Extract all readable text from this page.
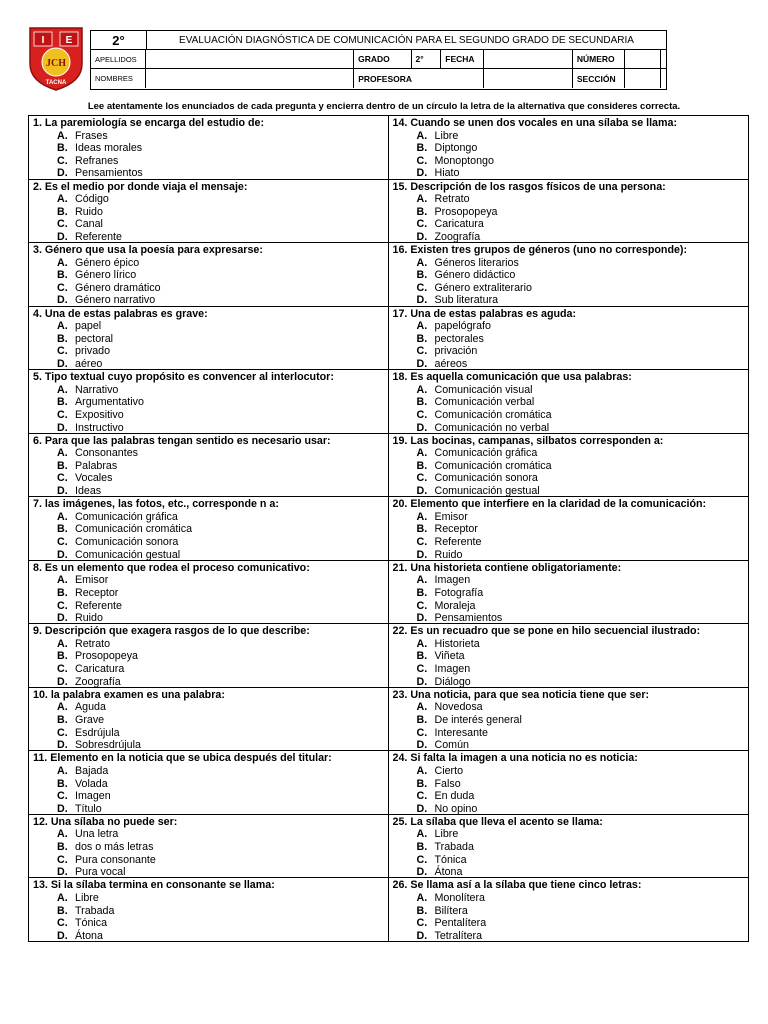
I E
JCH
TACNA
2°	EVALUACIÓN DIAGNÓSTICA DE COMUNICACIÓN PARA EL SEGUNDO GRADO DE SECUNDARIA
APELLIDOS	GRADO	2°	FECHA	NÚMERO
NOMBRES	PROFESORA	SECCIÓN
Lee atentamente los enunciados de cada pregunta y encierra dentro de un círculo la letra de la alternativa que consideres correcta.
1. La paremiología se encarga del estudio de:
A. Frases
B. Ideas morales
C. Refranes
D. Pensamientos
2. Es el medio por donde viaja el mensaje:
A. Código
B. Ruido
C. Canal
D. Referente
3. Género que usa la poesía para expresarse:
A. Género épico
B. Género lírico
C. Género dramático
D. Género narrativo
4. Una de estas palabras es grave:
A. papel
B. pectoral
C. privado
D. aéreo
5. Tipo textual cuyo propósito es convencer al interlocutor:
A. Narrativo
B. Argumentativo
C. Expositivo
D. Instructivo
6. Para que las palabras tengan sentido es necesario usar:
A. Consonantes
B. Palabras
C. Vocales
D. Ideas
7. las imágenes, las fotos, etc., corresponde n a:
A. Comunicación gráfica
B. Comunicación cromática
C. Comunicación sonora
D. Comunicación gestual
8. Es un elemento que rodea el proceso comunicativo:
A. Emisor
B. Receptor
C. Referente
D. Ruido
9. Descripción que exagera rasgos de lo que describe:
A. Retrato
B. Prosopopeya
C. Caricatura
D. Zoografía
10. la palabra examen es una palabra:
A. Aguda
B. Grave
C. Esdrújula
D. Sobresdrújula
11. Elemento en la noticia que se ubica después del titular:
A. Bajada
B. Volada
C. Imagen
D. Título
12. Una sílaba no puede ser:
A. Una letra
B. dos o más letras
C. Pura consonante
D. Pura vocal
13. Si la sílaba termina en consonante se llama:
A. Libre
B. Trabada
C. Tónica
D. Átona
14. Cuando se unen dos vocales en una sílaba se llama:
A. Libre
B. Diptongo
C. Monoptongo
D. Hiato
15. Descripción de los rasgos físicos de una persona:
A. Retrato
B. Prosopopeya
C. Caricatura
D. Zoografía
16. Existen tres grupos de géneros (uno no corresponde):
A. Géneros literarios
B. Género didáctico
C. Género extraliterario
D. Sub literatura
17. Una de estas palabras es aguda:
A. papelógrafo
B. pectorales
C. privación
D. aéreos
18. Es aquella comunicación que usa palabras:
A. Comunicación visual
B. Comunicación verbal
C. Comunicación cromática
D. Comunicación no verbal
19. Las bocinas, campanas, silbatos corresponden a:
A. Comunicación gráfica
B. Comunicación cromática
C. Comunicación sonora
D. Comunicación gestual
20. Elemento que interfiere en la claridad de la comunicación:
A. Emisor
B. Receptor
C. Referente
D. Ruido
21. Una historieta contiene obligatoriamente:
A. Imagen
B. Fotografía
C. Moraleja
D. Pensamientos
22. Es un recuadro que se pone en hilo secuencial ilustrado:
A. Historieta
B. Viñeta
C. Imagen
D. Diálogo
23. Una noticia, para que sea noticia tiene que ser:
A. Novedosa
B. De interés general
C. Interesante
D. Común
24. Si falta la imagen a una noticia no es noticia:
A. Cierto
B. Falso
C. En duda
D. No opino
25. La sílaba que lleva el acento se llama:
A. Libre
B. Trabada
C. Tónica
D. Átona
26. Se llama así a la sílaba que tiene cinco letras:
A. Monolítera
B. Bilítera
C. Pentalítera
D. Tetralítera
